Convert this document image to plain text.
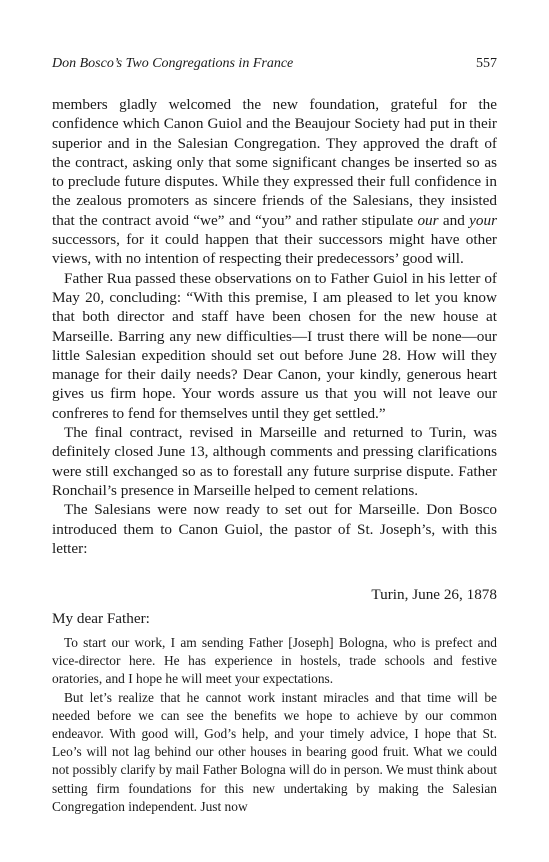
Don Bosco’s Two Congregations in France	557

members gladly welcomed the new foundation, grateful for the confidence which Canon Guiol and the Beaujour Society had put in their superior and in the Salesian Congregation. They approved the draft of the contract, asking only that some significant changes be inserted so as to preclude future disputes. While they expressed their full confidence in the zealous promoters as sincere friends of the Salesians, they insisted that the contract avoid “we” and “you” and rather stipulate our and your successors, for it could happen that their successors might have other views, with no intention of respecting their predecessors’ good will.

Father Rua passed these observations on to Father Guiol in his letter of May 20, concluding: “With this premise, I am pleased to let you know that both director and staff have been chosen for the new house at Marseille. Barring any new difficulties—I trust there will be none—our little Salesian expedition should set out before June 28. How will they manage for their daily needs? Dear Canon, your kindly, generous heart gives us firm hope. Your words assure us that you will not leave our confreres to fend for themselves until they get settled.”

The final contract, revised in Marseille and returned to Turin, was definitely closed June 13, although comments and pressing clarifications were still exchanged so as to forestall any future surprise dispute. Father Ronchail’s presence in Marseille helped to cement relations.

The Salesians were now ready to set out for Marseille. Don Bosco introduced them to Canon Guiol, the pastor of St. Joseph’s, with this letter:

Turin, June 26, 1878
My dear Father:

To start our work, I am sending Father [Joseph] Bologna, who is prefect and vice-director here. He has experience in hostels, trade schools and festive oratories, and I hope he will meet your expectations.

But let’s realize that he cannot work instant miracles and that time will be needed before we can see the benefits we hope to achieve by our common endeavor. With good will, God’s help, and your timely advice, I hope that St. Leo’s will not lag behind our other houses in bearing good fruit. What we could not possibly clarify by mail Father Bologna will do in person. We must think about setting firm foundations for this new undertaking by making the Salesian Congregation independent. Just now
